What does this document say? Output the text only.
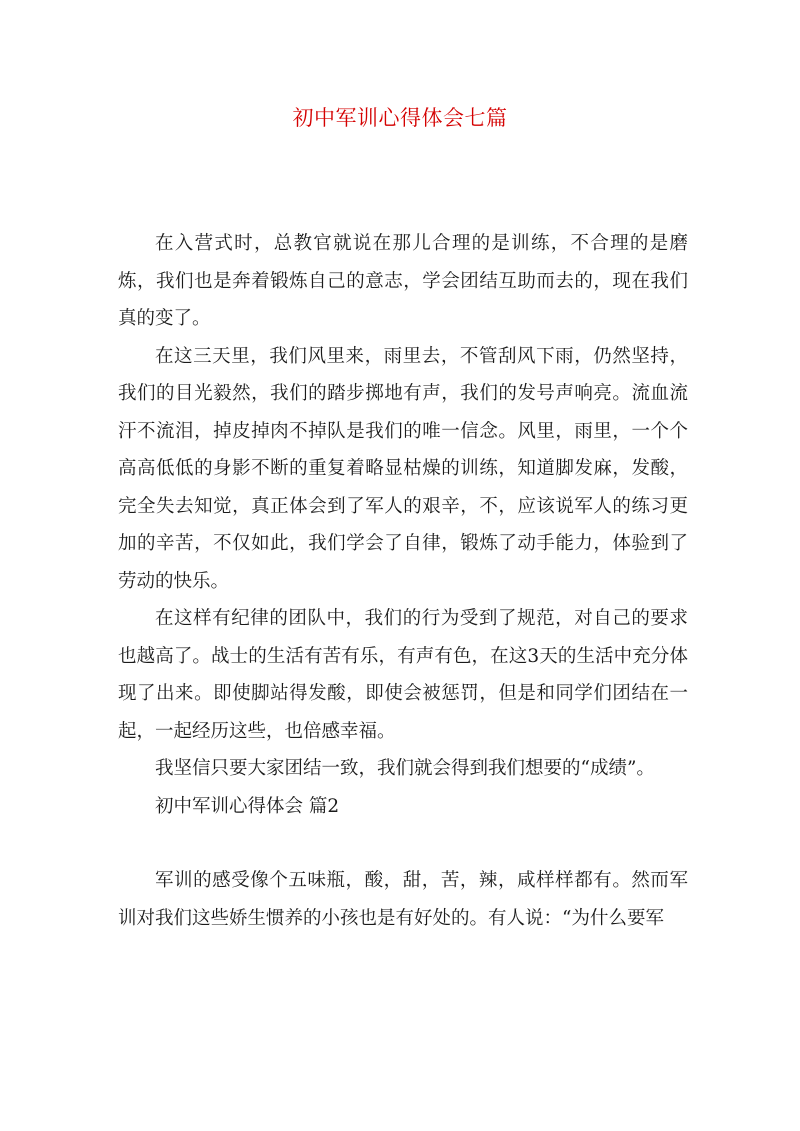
初中军训心得体会七篇

在入营式时，总教官就说在那儿合理的是训练，不合理的是磨炼，我们也是奔着锻炼自己的意志，学会团结互助而去的，现在我们真的变了。

在这三天里，我们风里来，雨里去，不管刮风下雨，仍然坚持，我们的目光毅然，我们的踏步掷地有声，我们的发号声响亮。流血流汗不流泪，掉皮掉肉不掉队是我们的唯一信念。风里，雨里，一个个高高低低的身影不断的重复着略显枯燥的训练，知道脚发麻，发酸，完全失去知觉，真正体会到了军人的艰辛，不，应该说军人的练习更加的辛苦，不仅如此，我们学会了自律，锻炼了动手能力，体验到了劳动的快乐。

在这样有纪律的团队中，我们的行为受到了规范，对自己的要求也越高了。战士的生活有苦有乐，有声有色，在这3天的生活中充分体现了出来。即使脚站得发酸，即使会被惩罚，但是和同学们团结在一起，一起经历这些，也倍感幸福。

我坚信只要大家团结一致，我们就会得到我们想要的“成绩”。

初中军训心得体会 篇2

军训的感受像个五味瓶，酸，甜，苦，辣，咸样样都有。然而军训对我们这些娇生惯养的小孩也是有好处的。有人说：“为什么要军
